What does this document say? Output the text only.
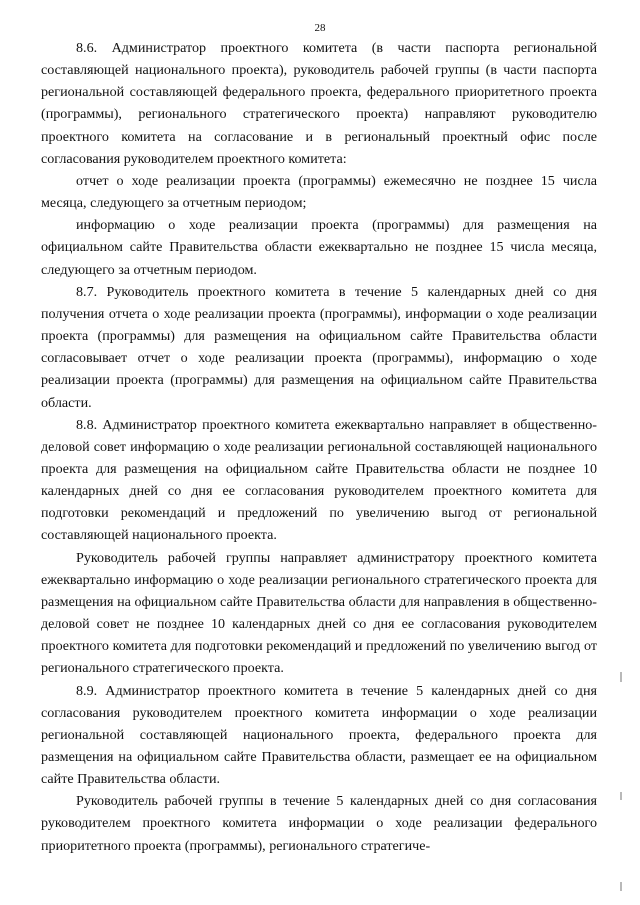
28

8.6. Администратор проектного комитета (в части паспорта региональной составляющей национального проекта), руководитель рабочей группы (в части паспорта региональной составляющей федерального проекта, федерального приоритетного проекта (программы), регионального стратегического проекта) направляют руководителю проектного комитета на согласование и в региональный проектный офис после согласования руководителем проектного комитета:

отчет о ходе реализации проекта (программы) ежемесячно не позднее 15 числа месяца, следующего за отчетным периодом;

информацию о ходе реализации проекта (программы) для размещения на официальном сайте Правительства области ежеквартально не позднее 15 числа месяца, следующего за отчетным периодом.

8.7. Руководитель проектного комитета в течение 5 календарных дней со дня получения отчета о ходе реализации проекта (программы), информации о ходе реализации проекта (программы) для размещения на официальном сайте Правительства области согласовывает отчет о ходе реализации проекта (программы), информацию о ходе реализации проекта (программы) для размещения на официальном сайте Правительства области.

8.8. Администратор проектного комитета ежеквартально направляет в общественно-деловой совет информацию о ходе реализации региональной составляющей национального проекта для размещения на официальном сайте Правительства области не позднее 10 календарных дней со дня ее согласования руководителем проектного комитета для подготовки рекомендаций и предложений по увеличению выгод от региональной составляющей национального проекта.

Руководитель рабочей группы направляет администратору проектного комитета ежеквартально информацию о ходе реализации регионального стратегического проекта для размещения на официальном сайте Правительства области для направления в общественно-деловой совет не позднее 10 календарных дней со дня ее согласования руководителем проектного комитета для подготовки рекомендаций и предложений по увеличению выгод от регионального стратегического проекта.

8.9. Администратор проектного комитета в течение 5 календарных дней со дня согласования руководителем проектного комитета информации о ходе реализации региональной составляющей национального проекта, федерального проекта для размещения на официальном сайте Правительства области, размещает ее на официальном сайте Правительства области.

Руководитель рабочей группы в течение 5 календарных дней со дня согласования руководителем проектного комитета информации о ходе реализации федерального приоритетного проекта (программы), регионального стратегиче-
